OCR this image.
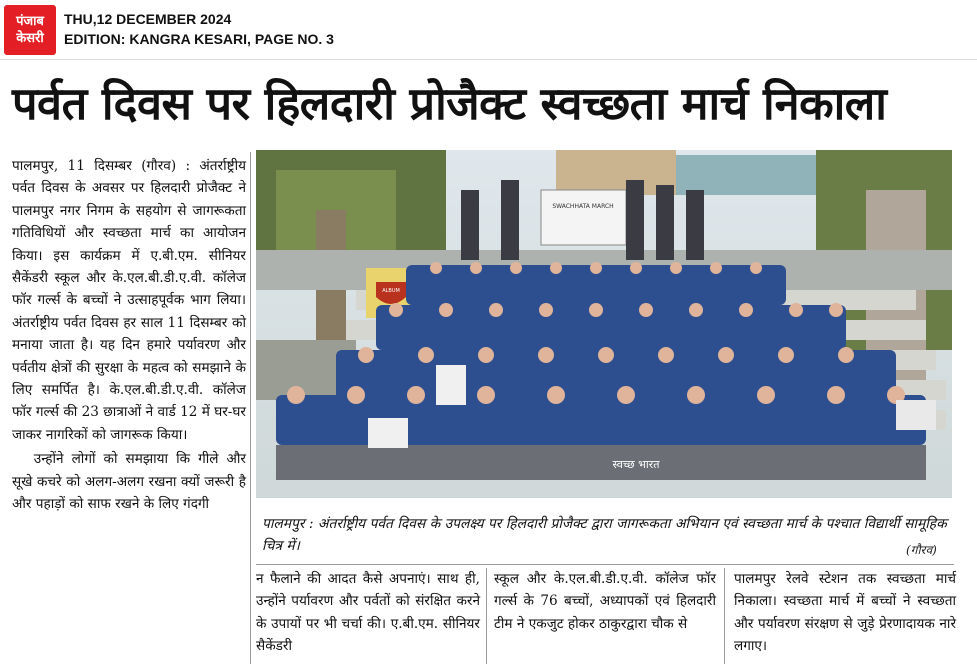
पंजाब
केसरी
THU,12 DECEMBER 2024
EDITION: KANGRA KESARI, PAGE NO. 3
पर्वत दिवस पर हिलदारी प्रोजैक्ट स्वच्छता मार्च निकाला

पालमपुर, 11 दिसम्बर (गौरव) : अंतर्राष्ट्रीय पर्वत दिवस के अवसर पर हिलदारी प्रोजैक्ट ने पालमपुर नगर निगम के सहयोग से जागरूकता गतिविधियों और स्वच्छता मार्च का आयोजन किया। इस कार्यक्रम में ए.बी.एम. सीनियर सैकेंडरी स्कूल और के.एल.बी.डी.ए.वी. कॉलेज फॉर गर्ल्स के बच्चों ने उत्साहपूर्वक भाग लिया। अंतर्राष्ट्रीय पर्वत दिवस हर साल 11 दिसम्बर को मनाया जाता है। यह दिन हमारे पर्यावरण और पर्वतीय क्षेत्रों की सुरक्षा के महत्व को समझाने के लिए समर्पित है। के.एल.बी.डी.ए.वी. कॉलेज फॉर गर्ल्स की 23 छात्राओं ने वार्ड 12 में घर-घर जाकर नागरिकों को जागरूक किया।

उन्होंने लोगों को समझाया कि गीले और सूखे कचरे को अलग-अलग रखना क्यों जरूरी है और पहाड़ों को साफ रखने के लिए गंदगी

SWACHHATA MARCH
ALBUM
स्वच्छ भारत
पालमपुर : अंतर्राष्ट्रीय पर्वत दिवस के उपलक्ष्य पर हिलदारी प्रोजैक्ट द्वारा जागरूकता अभियान एवं स्वच्छता मार्च के पश्चात विद्यार्थी सामूहिक चित्र में।	(गौरव)

न फैलाने की आदत कैसे अपनाएं। साथ ही, उन्होंने पर्यावरण और पर्वतों को संरक्षित करने के उपायों पर भी चर्चा की। ए.बी.एम. सीनियर सैकेंडरी

स्कूल और के.एल.बी.डी.ए.वी. कॉलेज फॉर गर्ल्स के 76 बच्चों, अध्यापकों एवं हिलदारी टीम ने एकजुट होकर ठाकुरद्वारा चौक से

पालमपुर रेलवे स्टेशन तक स्वच्छता मार्च निकाला। स्वच्छता मार्च में बच्चों ने स्वच्छता और पर्यावरण संरक्षण से जुड़े प्रेरणादायक नारे लगाए।
